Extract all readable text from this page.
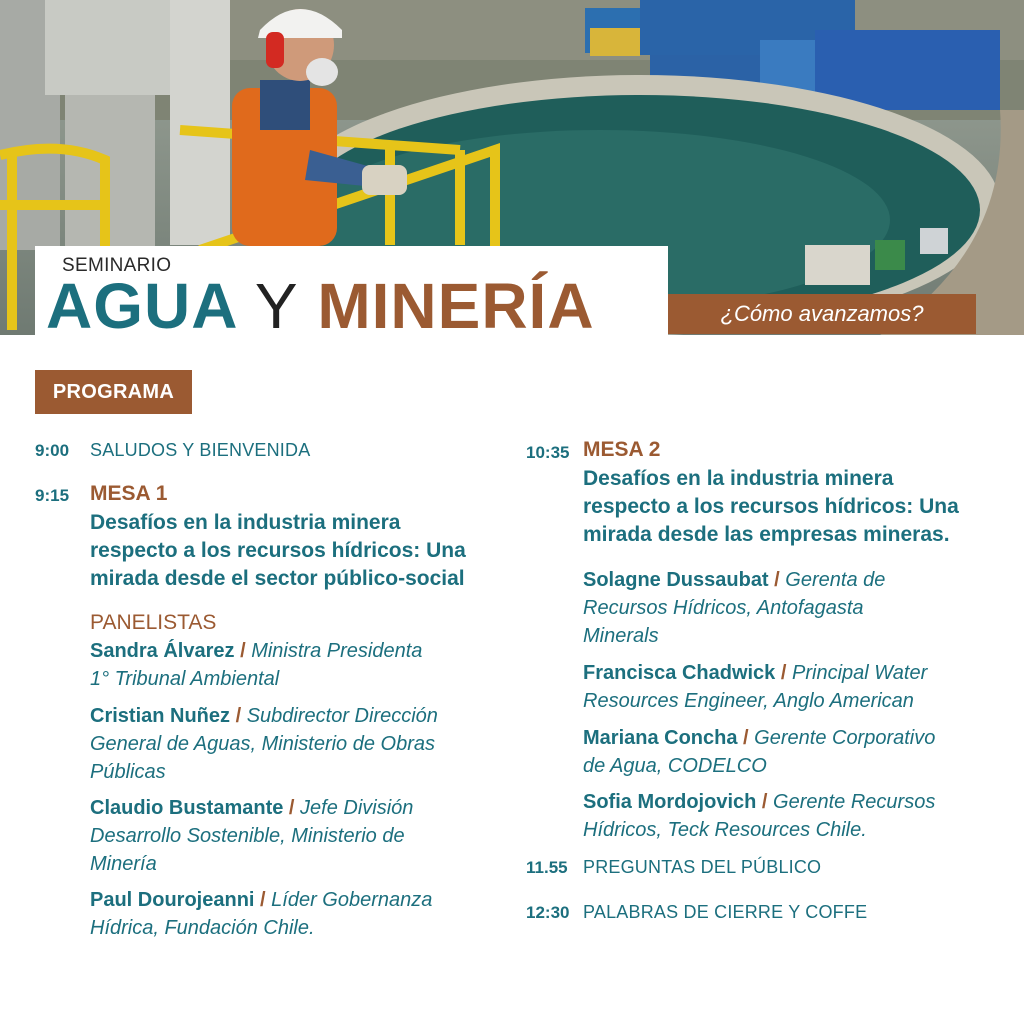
SEMINARIO
AGUA Y MINERÍA	¿Cómo avanzamos?
PROGRAMA
9:00 SALUDOS Y BIENVENIDA
9:15 MESA 1
Desafíos en la industria minera
respecto a los recursos hídricos: Una
mirada desde el sector público-social
PANELISTAS
Sandra Álvarez / Ministra Presidenta
1° Tribunal Ambiental
Cristian Nuñez / Subdirector Dirección
General de Aguas, Ministerio de Obras
Públicas
Claudio Bustamante / Jefe División
Desarrollo Sostenible, Ministerio de
Minería
Paul Dourojeanni / Líder Gobernanza
Hídrica, Fundación Chile.
10:35 MESA 2
Desafíos en la industria minera
respecto a los recursos hídricos: Una
mirada desde las empresas mineras.
Solagne Dussaubat / Gerenta de
Recursos Hídricos, Antofagasta
Minerals
Francisca Chadwick / Principal Water
Resources Engineer, Anglo American
Mariana Concha / Gerente Corporativo
de Agua, CODELCO
Sofia Mordojovich / Gerente Recursos
Hídricos, Teck Resources Chile.
11.55 PREGUNTAS DEL PÚBLICO
12:30 PALABRAS DE CIERRE Y COFFE
